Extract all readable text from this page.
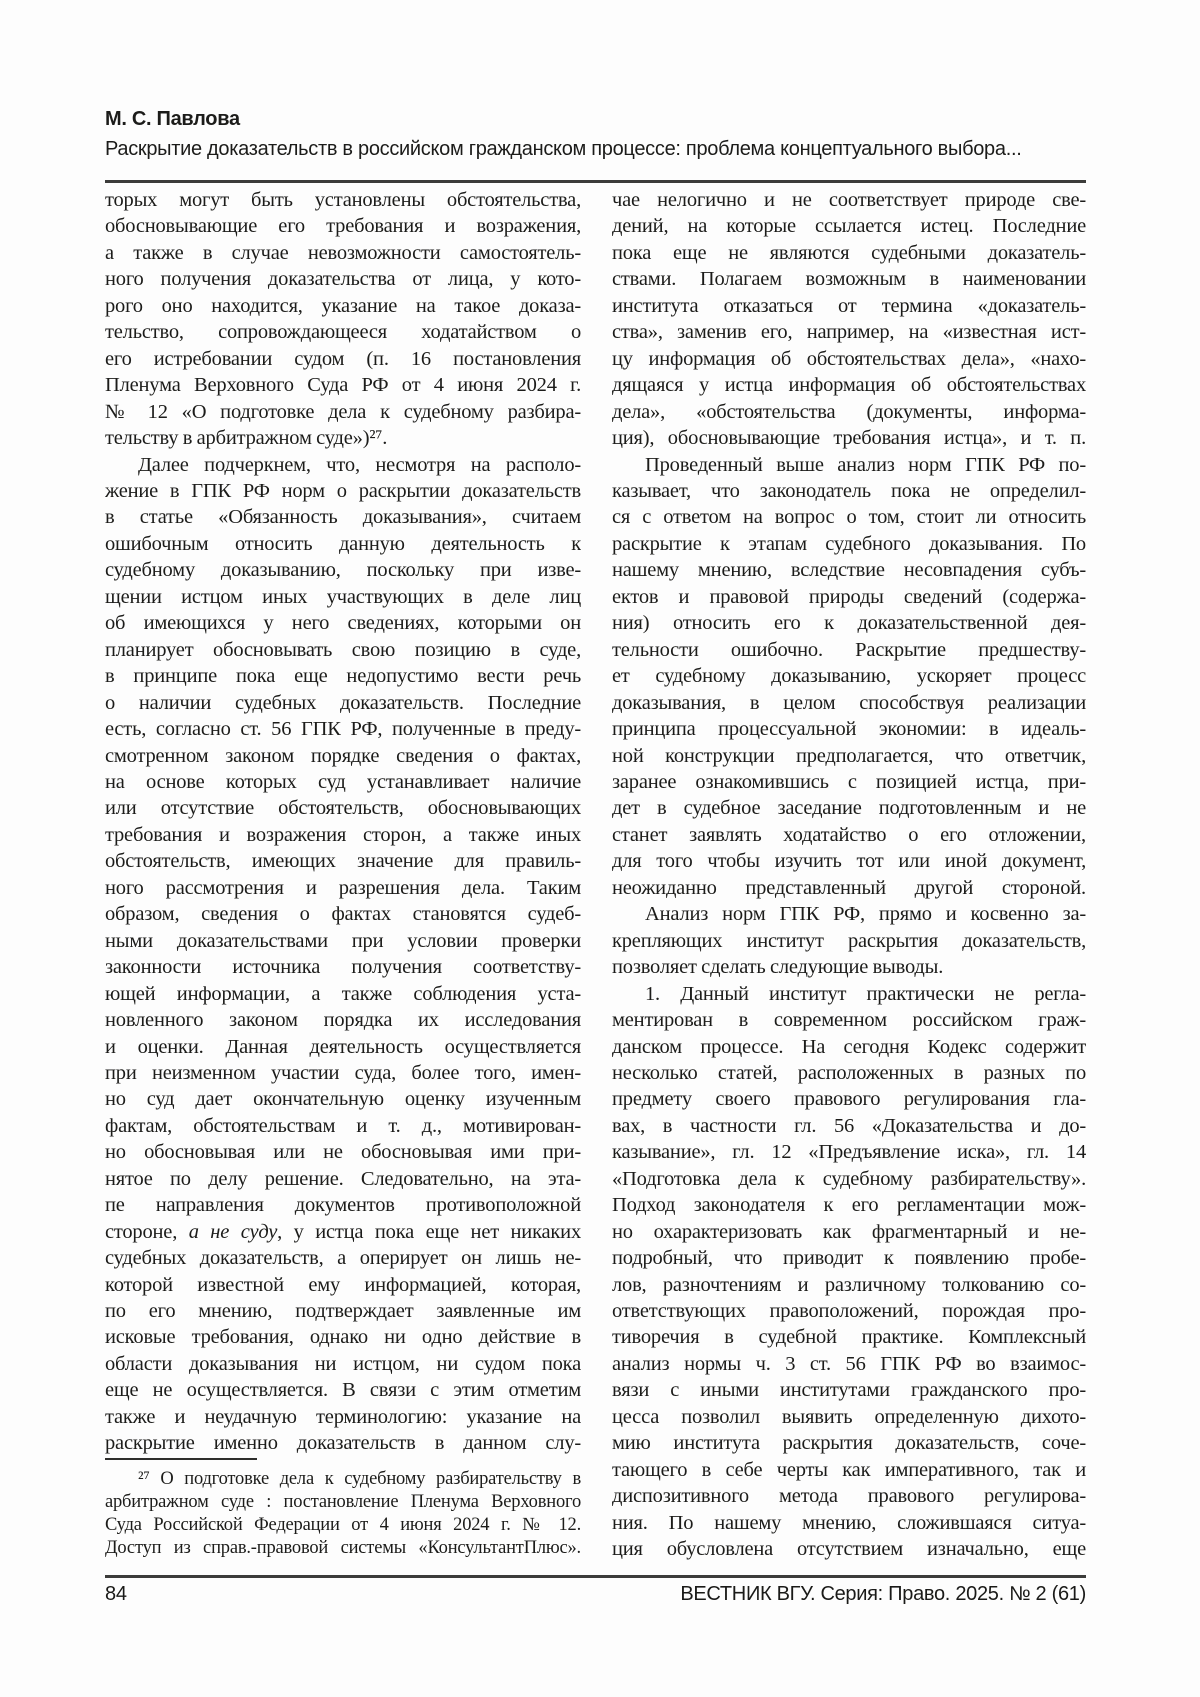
М. С. Павлова
Раскрытие доказательств в российском гражданском процессе: проблема концептуального выбора...
торых могут быть установлены обстоятельства,
обосновывающие его требования и возражения,
а также в случае невозможности самостоятель-
ного получения доказательства от лица, у кото-
рого оно находится, указание на такое доказа-
тельство, сопровождающееся ходатайством о
его истребовании судом (п. 16 постановления
Пленума Верховного Суда РФ от 4 июня 2024 г.
№ 12 «О подготовке дела к судебному разбира-
тельству в арбитражном суде»)²⁷.
Далее подчеркнем, что, несмотря на располо-
жение в ГПК РФ норм о раскрытии доказательств
в статье «Обязанность доказывания», считаем
ошибочным относить данную деятельность к
судебному доказыванию, поскольку при изве-
щении истцом иных участвующих в деле лиц
об имеющихся у него сведениях, которыми он
планирует обосновывать свою позицию в суде,
в принципе пока еще недопустимо вести речь
о наличии судебных доказательств. Последние
есть, согласно ст. 56 ГПК РФ, полученные в преду-
смотренном законом порядке сведения о фактах,
на основе которых суд устанавливает наличие
или отсутствие обстоятельств, обосновывающих
требования и возражения сторон, а также иных
обстоятельств, имеющих значение для правиль-
ного рассмотрения и разрешения дела. Таким
образом, сведения о фактах становятся судеб-
ными доказательствами при условии проверки
законности источника получения соответству-
ющей информации, а также соблюдения уста-
новленного законом порядка их исследования
и оценки. Данная деятельность осуществляется
при неизменном участии суда, более того, имен-
но суд дает окончательную оценку изученным
фактам, обстоятельствам и т. д., мотивирован-
но обосновывая или не обосновывая ими при-
нятое по делу решение. Следовательно, на эта-
пе направления документов противоположной
стороне, а не суду, у истца пока еще нет никаких
судебных доказательств, а оперирует он лишь не-
которой известной ему информацией, которая,
по его мнению, подтверждает заявленные им
исковые требования, однако ни одно действие в
области доказывания ни истцом, ни судом пока
еще не осуществляется. В связи с этим отметим
также и неудачную терминологию: указание на
раскрытие именно доказательств в данном слу-
чае нелогично и не соответствует природе све-
дений, на которые ссылается истец. Последние
пока еще не являются судебными доказатель-
ствами. Полагаем возможным в наименовании
института отказаться от термина «доказатель-
ства», заменив его, например, на «известная ист-
цу информация об обстоятельствах дела», «нахо-
дящаяся у истца информация об обстоятельствах
дела», «обстоятельства (документы, информа-
ция), обосновывающие требования истца», и т. п.
Проведенный выше анализ норм ГПК РФ по-
казывает, что законодатель пока не определил-
ся с ответом на вопрос о том, стоит ли относить
раскрытие к этапам судебного доказывания. По
нашему мнению, вследствие несовпадения субъ-
ектов и правовой природы сведений (содержа-
ния) относить его к доказательственной дея-
тельности ошибочно. Раскрытие предшеству-
ет судебному доказыванию, ускоряет процесс
доказывания, в целом способствуя реализации
принципа процессуальной экономии: в идеаль-
ной конструкции предполагается, что ответчик,
заранее ознакомившись с позицией истца, при-
дет в судебное заседание подготовленным и не
станет заявлять ходатайство о его отложении,
для того чтобы изучить тот или иной документ,
неожиданно представленный другой стороной.
Анализ норм ГПК РФ, прямо и косвенно за-
крепляющих институт раскрытия доказательств,
позволяет сделать следующие выводы.
1. Данный институт практически не регла-
ментирован в современном российском граж-
данском процессе. На сегодня Кодекс содержит
несколько статей, расположенных в разных по
предмету своего правового регулирования гла-
вах, в частности гл. 56 «Доказательства и до-
казывание», гл. 12 «Предъявление иска», гл. 14
«Подготовка дела к судебному разбирательству».
Подход законодателя к его регламентации мож-
но охарактеризовать как фрагментарный и не-
подробный, что приводит к появлению пробе-
лов, разночтениям и различному толкованию со-
ответствующих правоположений, порождая про-
тиворечия в судебной практике. Комплексный
анализ нормы ч. 3 ст. 56 ГПК РФ во взаимос-
вязи с иными институтами гражданского про-
цесса позволил выявить определенную дихото-
мию института раскрытия доказательств, соче-
тающего в себе черты как императивного, так и
диспозитивного метода правового регулирова-
ния. По нашему мнению, сложившаяся ситуа-
ция обусловлена отсутствием изначально, еще
²⁷ О подготовке дела к судебному разбирательству в
арбитражном суде : постановление Пленума Верховного
Суда Российской Федерации от 4 июня 2024 г. № 12.
Доступ из справ.-правовой системы «КонсультантПлюс».
84	ВЕСТНИК ВГУ. Серия: Право. 2025. № 2 (61)
